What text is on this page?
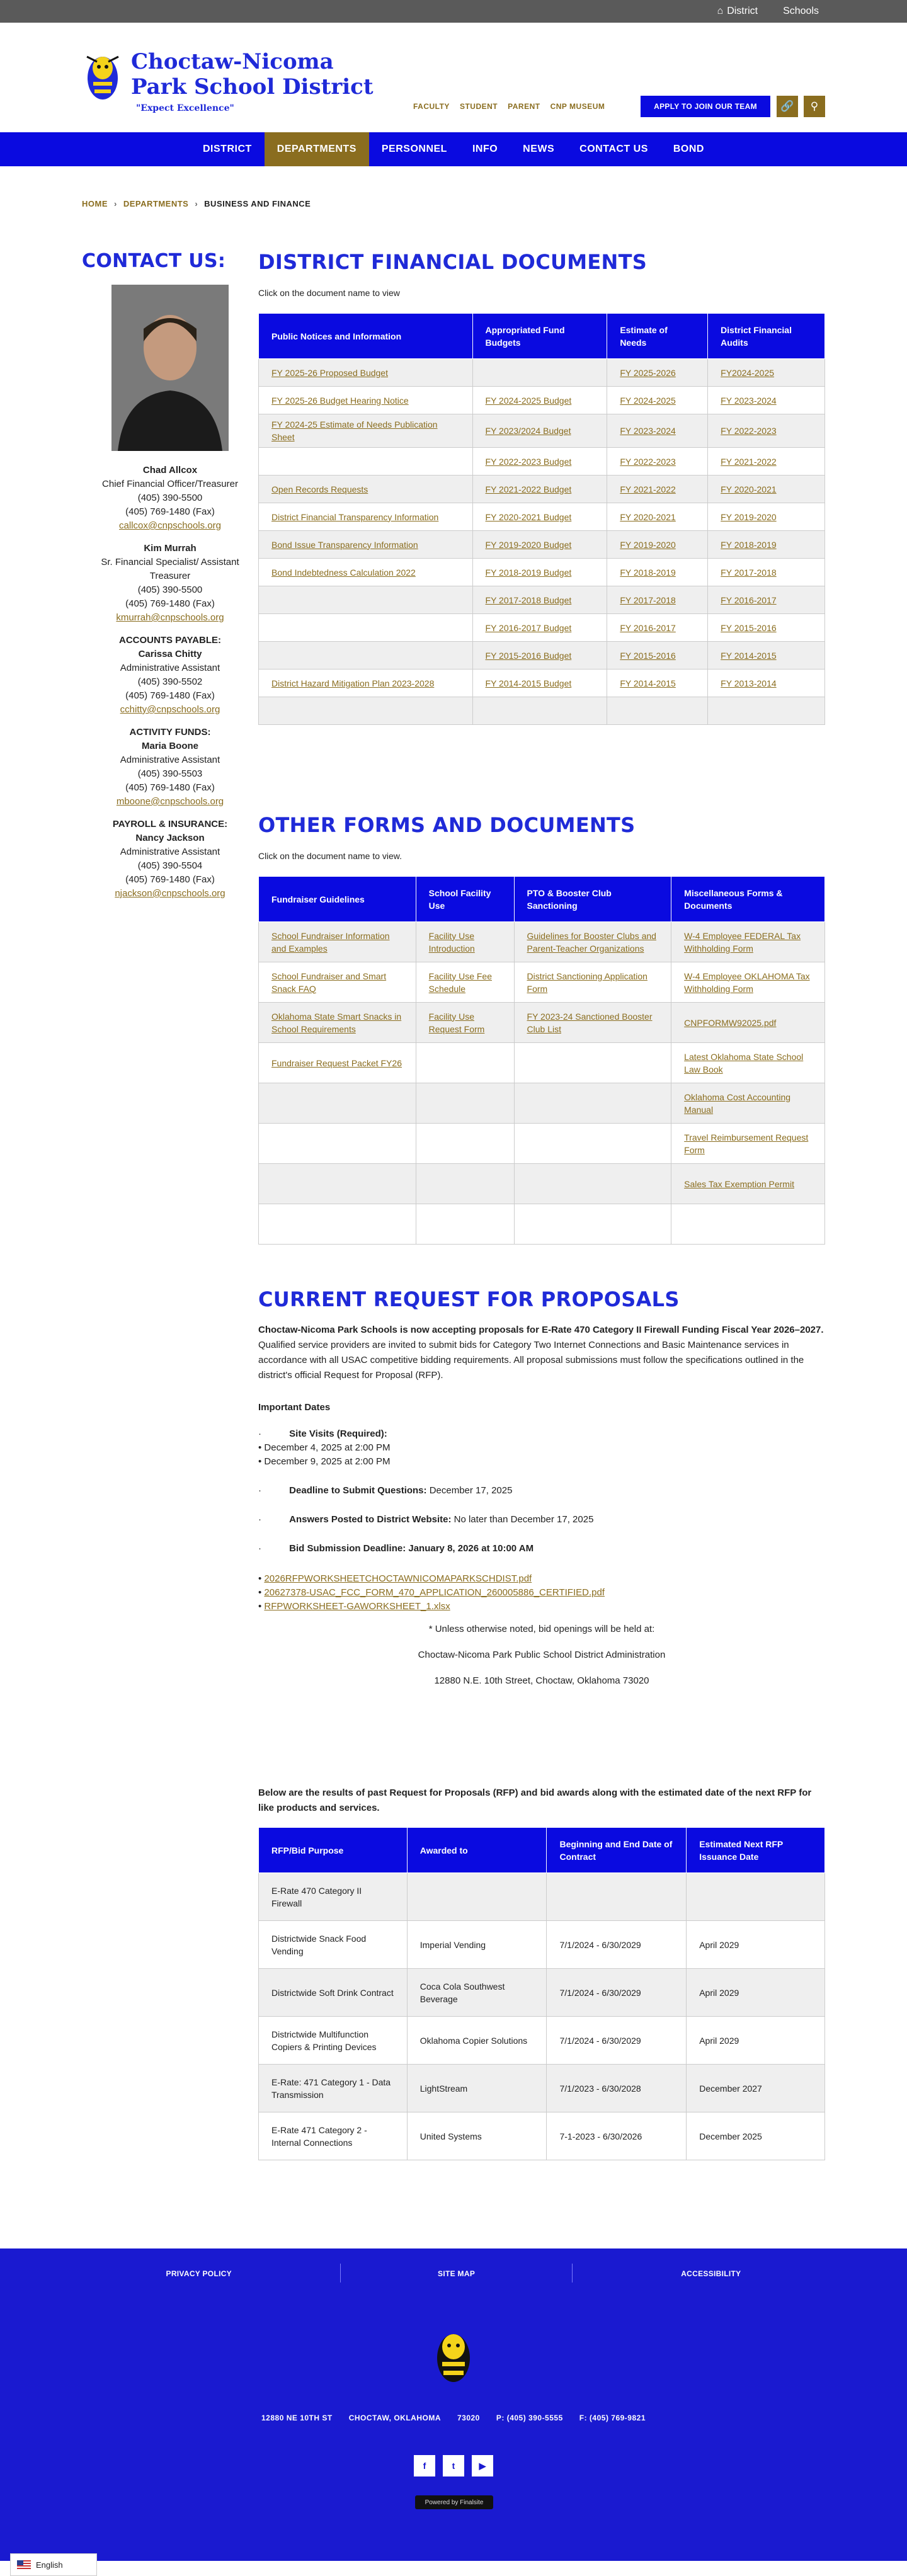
⌂ District	Schools
Choctaw-Nicoma
Park School District
"Expect Excellence"	FACULTY STUDENT PARENT CNP MUSEUM	APPLY TO JOIN OUR TEAM	🔗	⚲
DISTRICT	DEPARTMENTS	PERSONNEL	INFO	NEWS	CONTACT US	BOND
HOME › DEPARTMENTS › BUSINESS AND FINANCE
CONTACT US:
Chad Allcox
Chief Financial Officer/Treasurer
(405) 390-5500
(405) 769-1480 (Fax)
callcox@cnpschools.org
Kim Murrah
Sr. Financial Specialist/ Assistant Treasurer
(405) 390-5500
(405) 769-1480 (Fax)
kmurrah@cnpschools.org
ACCOUNTS PAYABLE:
Carissa Chitty
Administrative Assistant
(405) 390-5502
(405) 769-1480 (Fax)
cchitty@cnpschools.org
ACTIVITY FUNDS:
Maria Boone
Administrative Assistant
(405) 390-5503
(405) 769-1480 (Fax)
mboone@cnpschools.org
PAYROLL & INSURANCE:
Nancy Jackson
Administrative Assistant
(405) 390-5504
(405) 769-1480 (Fax)
njackson@cnpschools.org
DISTRICT FINANCIAL DOCUMENTS

Click on the document name to view

Public Notices and Information	Appropriated Fund Budgets	Estimate of Needs	District Financial Audits
FY 2025-26 Proposed Budget		FY 2025-2026	FY2024-2025
FY 2025-26 Budget Hearing Notice	FY 2024-2025 Budget	FY 2024-2025	FY 2023-2024
FY 2024-25 Estimate of Needs Publication Sheet	FY 2023/2024 Budget	FY 2023-2024	FY 2022-2023
	FY 2022-2023 Budget	FY 2022-2023	FY 2021-2022
Open Records Requests	FY 2021-2022 Budget	FY 2021-2022	FY 2020-2021
District Financial Transparency Information	FY 2020-2021 Budget	FY 2020-2021	FY 2019-2020
Bond Issue Transparency Information	FY 2019-2020 Budget	FY 2019-2020	FY 2018-2019
Bond Indebtedness Calculation 2022	FY 2018-2019 Budget	FY 2018-2019	FY 2017-2018
	FY 2017-2018 Budget	FY 2017-2018	FY 2016-2017
	FY 2016-2017 Budget	FY 2016-2017	FY 2015-2016
	FY 2015-2016 Budget	FY 2015-2016	FY 2014-2015
District Hazard Mitigation Plan 2023-2028	FY 2014-2015 Budget	FY 2014-2015	FY 2013-2014

OTHER FORMS AND DOCUMENTS

Click on the document name to view.

Fundraiser Guidelines	School Facility Use	PTO & Booster Club Sanctioning	Miscellaneous Forms & Documents
School Fundraiser Information and Examples	Facility Use Introduction	Guidelines for Booster Clubs and Parent-Teacher Organizations	W-4 Employee FEDERAL Tax Withholding Form
School Fundraiser and Smart Snack FAQ	Facility Use Fee Schedule	District Sanctioning Application Form	W-4 Employee OKLAHOMA Tax Withholding Form
Oklahoma State Smart Snacks in School Requirements	Facility Use Request Form	FY 2023-24 Sanctioned Booster Club List	CNPFORMW92025.pdf
Fundraiser Request Packet FY26			Latest Oklahoma State School Law Book
			Oklahoma Cost Accounting Manual
			Travel Reimbursement Request Form
			Sales Tax Exemption Permit

CURRENT REQUEST FOR PROPOSALS

Choctaw-Nicoma Park Schools is now accepting proposals for E-Rate 470 Category II Firewall Funding Fiscal Year 2026–2027. Qualified service providers are invited to submit bids for Category Two Internet Connections and Basic Maintenance services in accordance with all USAC competitive bidding requirements. All proposal submissions must follow the specifications outlined in the district's official Request for Proposal (RFP).

Important Dates

·	Site Visits (Required):

• December 4, 2025 at 2:00 PM

• December 9, 2025 at 2:00 PM

·	Deadline to Submit Questions: December 17, 2025

·	Answers Posted to District Website: No later than December 17, 2025

·	Bid Submission Deadline: January 8, 2026 at 10:00 AM

• 2026RFPWORKSHEETCHOCTAWNICOMAPARKSCHDIST.pdf

• 20627378-USAC_FCC_FORM_470_APPLICATION_260005886_CERTIFIED.pdf

• RFPWORKSHEET-GAWORKSHEET_1.xlsx

* Unless otherwise noted, bid openings will be held at:

Choctaw-Nicoma Park Public School District Administration

12880 N.E. 10th Street, Choctaw, Oklahoma 73020

Below are the results of past Request for Proposals (RFP) and bid awards along with the estimated date of the next RFP for like products and services.

RFP/Bid Purpose	Awarded to	Beginning and End Date of Contract	Estimated Next RFP Issuance Date
E-Rate 470 Category II Firewall			
Districtwide Snack Food Vending	Imperial Vending	7/1/2024 - 6/30/2029	April 2029
Districtwide Soft Drink Contract	Coca Cola Southwest Beverage	7/1/2024 - 6/30/2029	April 2029
Districtwide Multifunction Copiers & Printing Devices	Oklahoma Copier Solutions	7/1/2024 - 6/30/2029	April 2029
E-Rate: 471 Category 1 - Data Transmission	LightStream	7/1/2023 - 6/30/2028	December 2027
E-Rate 471 Category 2 - Internal Connections	United Systems	7-1-2023 - 6/30/2026	December 2025
PRIVACY POLICY	SITE MAP	ACCESSIBILITY
12880 NE 10TH ST CHOCTAW, OKLAHOMA 73020 P: (405) 390-5555 F: (405) 769-9821
f	t	▶
Powered by Finalsite
English
